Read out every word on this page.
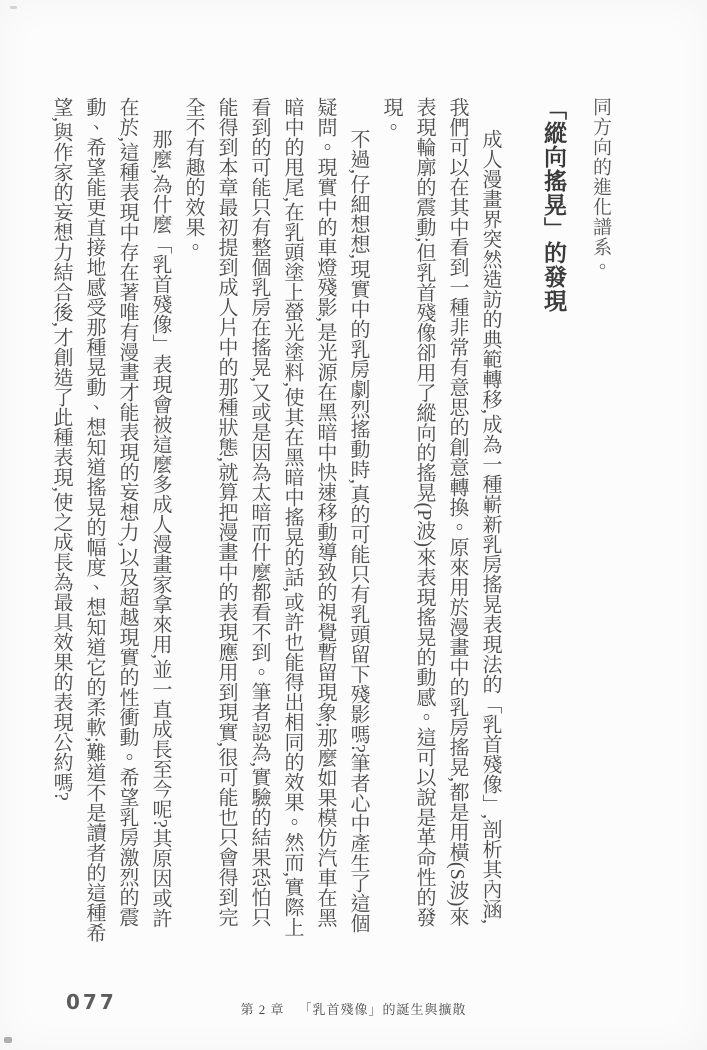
同方向的進化譜系。

「縱向搖晃」的發現

成人漫畫界突然造訪的典範轉移,成為一種嶄新乳房搖晃表現法的「乳首殘像」,剖析其內涵,我們可以在其中看到一種非常有意思的創意轉換。原來用於漫畫中的乳房搖晃,都是用橫(S波)來表現輪廓的震動;但乳首殘像卻用了縱向的搖晃(P波)來表現搖晃的動感。這可以說是革命性的發現。

不過,仔細想想,現實中的乳房劇烈搖動時,真的可能只有乳頭留下殘影嗎?筆者心中產生了這個疑問。現實中的車燈殘影,是光源在黑暗中快速移動導致的視覺暫留現象;那麼如果模仿汽車在黑暗中的甩尾,在乳頭塗上螢光塗料,使其在黑暗中搖晃的話,或許也能得出相同的效果。然而,實際上看到的可能只有整個乳房在搖晃,又或是因為太暗而什麼都看不到。筆者認為,實驗的結果恐怕只能得到本章最初提到成人片中的那種狀態,就算把漫畫中的表現應用到現實,很可能也只會得到完全不有趣的效果。

那麼,為什麼「乳首殘像」表現會被這麼多成人漫畫家拿來用,並一直成長至今呢?其原因或許在於,這種表現中存在著唯有漫畫才能表現的妄想力,以及超越現實的性衝動。希望乳房激烈的震動、希望能更直接地感受那種晃動、想知道搖晃的幅度、想知道它的柔軟;難道不是讀者的這種希望,與作家的妄想力結合後,才創造了此種表現,使之成長為最具效果的表現公約嗎?

077	第 2 章 「乳首殘像」的誕生與擴散
